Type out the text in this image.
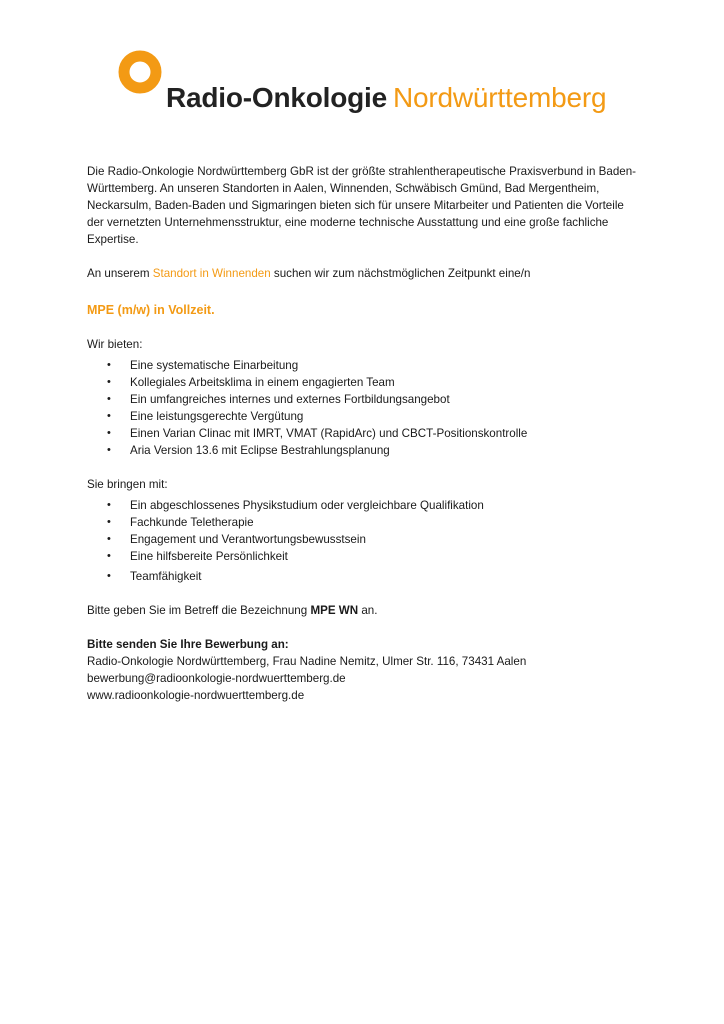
Radio-Onkologie Nordwürttemberg

Die Radio-Onkologie Nordwürttemberg GbR ist der größte strahlentherapeutische Praxisverbund in Baden-Württemberg. An unseren Standorten in Aalen, Winnenden, Schwäbisch Gmünd, Bad Mergentheim, Neckarsulm, Baden-Baden und Sigmaringen bieten sich für unsere Mitarbeiter und Patienten die Vorteile der vernetzten Unternehmensstruktur, eine moderne technische Ausstattung und eine große fachliche Expertise.

An unserem Standort in Winnenden suchen wir zum nächstmöglichen Zeitpunkt eine/n

MPE (m/w) in Vollzeit.

Wir bieten:

• Eine systematische Einarbeitung
• Kollegiales Arbeitsklima in einem engagierten Team
• Ein umfangreiches internes und externes Fortbildungsangebot
• Eine leistungsgerechte Vergütung
• Einen Varian Clinac mit IMRT, VMAT (RapidArc) und CBCT-Positionskontrolle
• Aria Version 13.6 mit Eclipse Bestrahlungsplanung

Sie bringen mit:

• Ein abgeschlossenes Physikstudium oder vergleichbare Qualifikation
• Fachkunde Teletherapie
• Engagement und Verantwortungsbewusstsein
• Eine hilfsbereite Persönlichkeit
• Teamfähigkeit

Bitte geben Sie im Betreff die Bezeichnung MPE WN an.

Bitte senden Sie Ihre Bewerbung an:

Radio-Onkologie Nordwürttemberg, Frau Nadine Nemitz, Ulmer Str. 116, 73431 Aalen

bewerbung@radioonkologie-nordwuerttemberg.de

www.radioonkologie-nordwuerttemberg.de
